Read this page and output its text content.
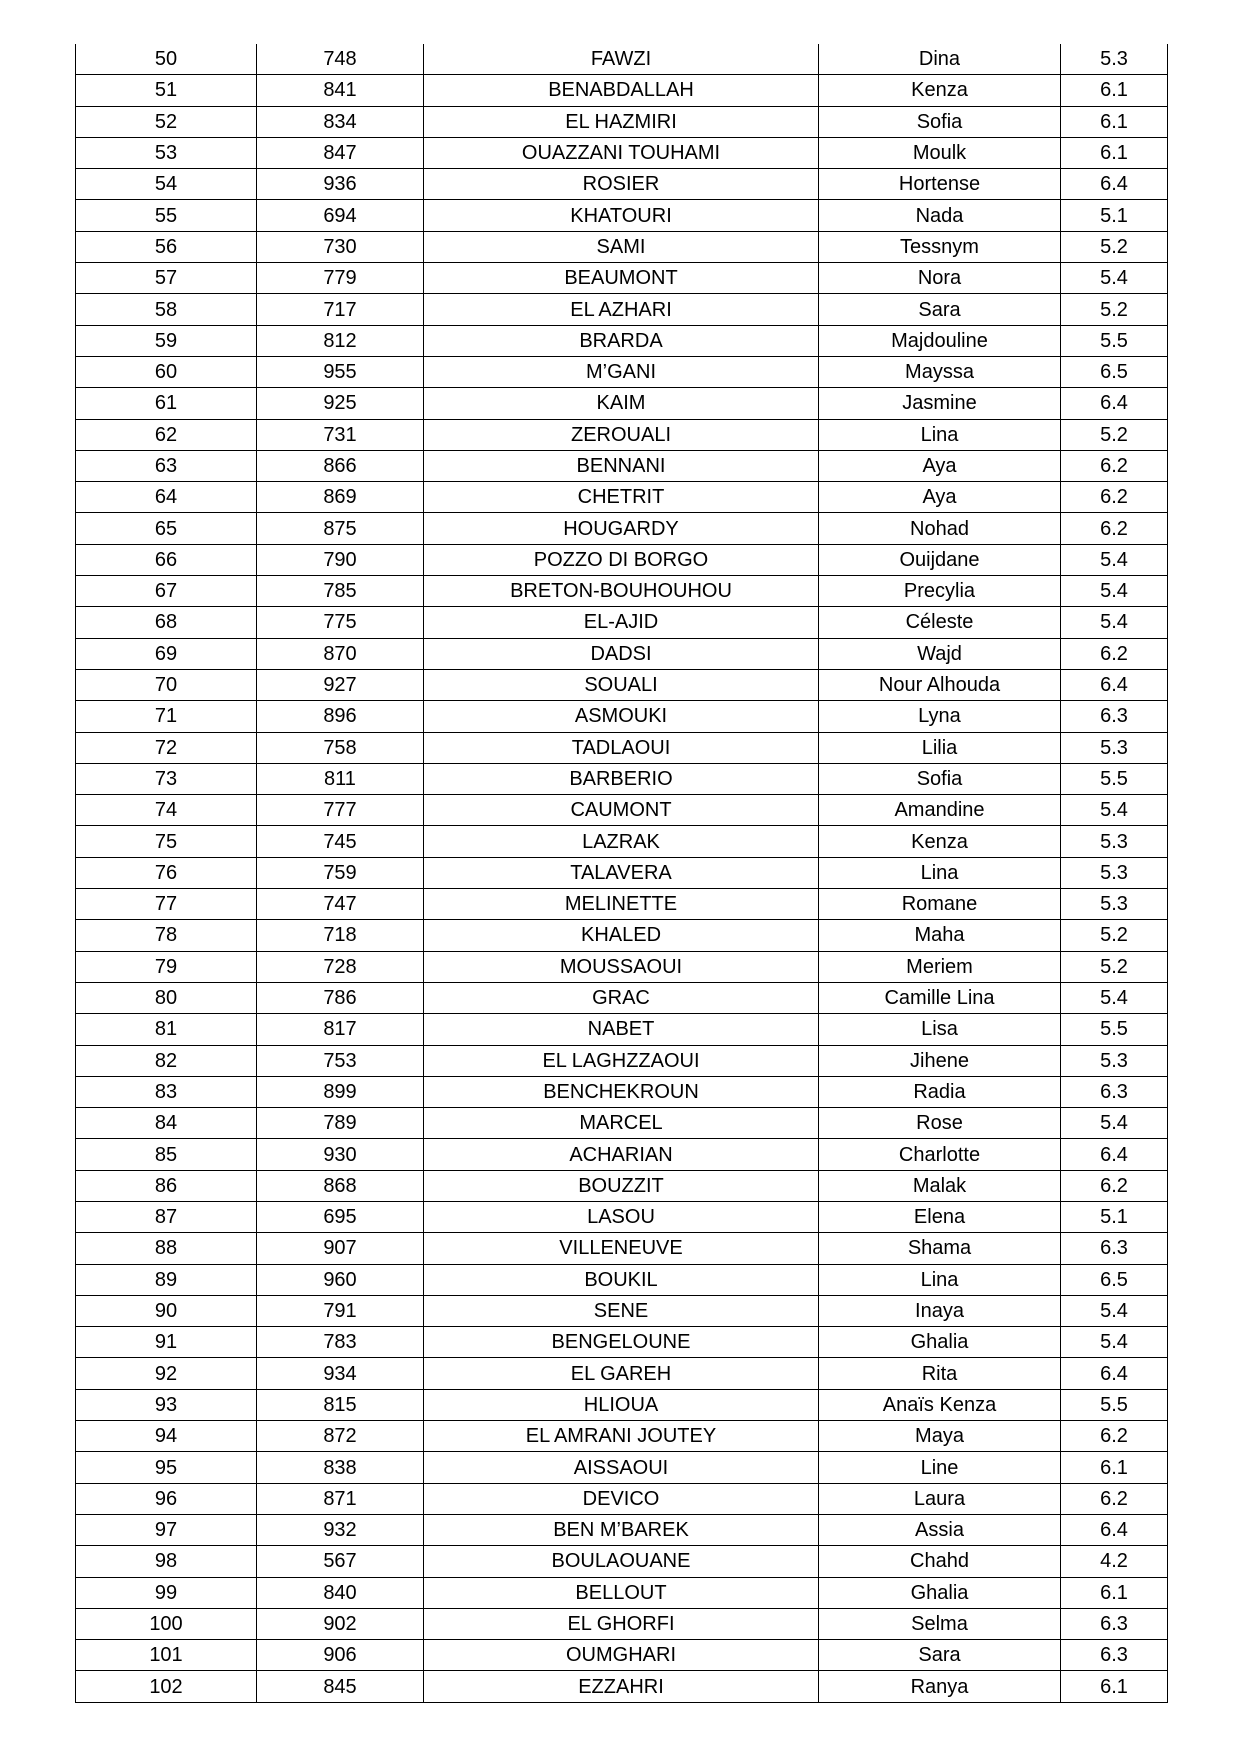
50	748	FAWZI	Dina	5.3
51	841	BENABDALLAH	Kenza	6.1
52	834	EL HAZMIRI	Sofia	6.1
53	847	OUAZZANI TOUHAMI	Moulk	6.1
54	936	ROSIER	Hortense	6.4
55	694	KHATOURI	Nada	5.1
56	730	SAMI	Tessnym	5.2
57	779	BEAUMONT	Nora	5.4
58	717	EL AZHARI	Sara	5.2
59	812	BRARDA	Majdouline	5.5
60	955	M’GANI	Mayssa	6.5
61	925	KAIM	Jasmine	6.4
62	731	ZEROUALI	Lina	5.2
63	866	BENNANI	Aya	6.2
64	869	CHETRIT	Aya	6.2
65	875	HOUGARDY	Nohad	6.2
66	790	POZZO DI BORGO	Ouijdane	5.4
67	785	BRETON-BOUHOUHOU	Precylia	5.4
68	775	EL-AJID	Céleste	5.4
69	870	DADSI	Wajd	6.2
70	927	SOUALI	Nour Alhouda	6.4
71	896	ASMOUKI	Lyna	6.3
72	758	TADLAOUI	Lilia	5.3
73	811	BARBERIO	Sofia	5.5
74	777	CAUMONT	Amandine	5.4
75	745	LAZRAK	Kenza	5.3
76	759	TALAVERA	Lina	5.3
77	747	MELINETTE	Romane	5.3
78	718	KHALED	Maha	5.2
79	728	MOUSSAOUI	Meriem	5.2
80	786	GRAC	Camille Lina	5.4
81	817	NABET	Lisa	5.5
82	753	EL LAGHZZAOUI	Jihene	5.3
83	899	BENCHEKROUN	Radia	6.3
84	789	MARCEL	Rose	5.4
85	930	ACHARIAN	Charlotte	6.4
86	868	BOUZZIT	Malak	6.2
87	695	LASOU	Elena	5.1
88	907	VILLENEUVE	Shama	6.3
89	960	BOUKIL	Lina	6.5
90	791	SENE	Inaya	5.4
91	783	BENGELOUNE	Ghalia	5.4
92	934	EL GAREH	Rita	6.4
93	815	HLIOUA	Anaïs Kenza	5.5
94	872	EL AMRANI JOUTEY	Maya	6.2
95	838	AISSAOUI	Line	6.1
96	871	DEVICO	Laura	6.2
97	932	BEN M’BAREK	Assia	6.4
98	567	BOULAOUANE	Chahd	4.2
99	840	BELLOUT	Ghalia	6.1
100	902	EL GHORFI	Selma	6.3
101	906	OUMGHARI	Sara	6.3
102	845	EZZAHRI	Ranya	6.1
